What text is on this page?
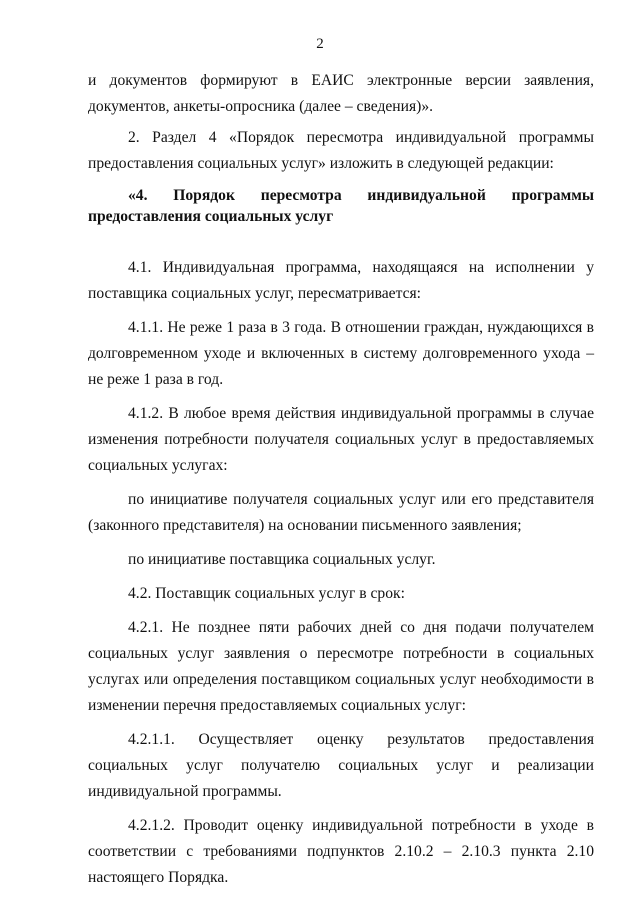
2

и документов формируют в ЕАИС электронные версии заявления, документов, анкеты-опросника (далее – сведения)».

2. Раздел 4 «Порядок пересмотра индивидуальной программы предоставления социальных услуг» изложить в следующей редакции:

«4. Порядок пересмотра индивидуальной программы предоставления социальных услуг

4.1. Индивидуальная программа, находящаяся на исполнении у поставщика социальных услуг, пересматривается:

4.1.1. Не реже 1 раза в 3 года. В отношении граждан, нуждающихся в долговременном уходе и включенных в систему долговременного ухода – не реже 1 раза в год.

4.1.2. В любое время действия индивидуальной программы в случае изменения потребности получателя социальных услуг в предоставляемых социальных услугах:

по инициативе получателя социальных услуг или его представителя (законного представителя) на основании письменного заявления;

по инициативе поставщика социальных услуг.

4.2. Поставщик социальных услуг в срок:

4.2.1. Не позднее пяти рабочих дней со дня подачи получателем социальных услуг заявления о пересмотре потребности в социальных услугах или определения поставщиком социальных услуг необходимости в изменении перечня предоставляемых социальных услуг:

4.2.1.1. Осуществляет оценку результатов предоставления социальных услуг получателю социальных услуг и реализации индивидуальной программы.

4.2.1.2. Проводит оценку индивидуальной потребности в уходе в соответствии с требованиями подпунктов 2.10.2 – 2.10.3 пункта 2.10 настоящего Порядка.
